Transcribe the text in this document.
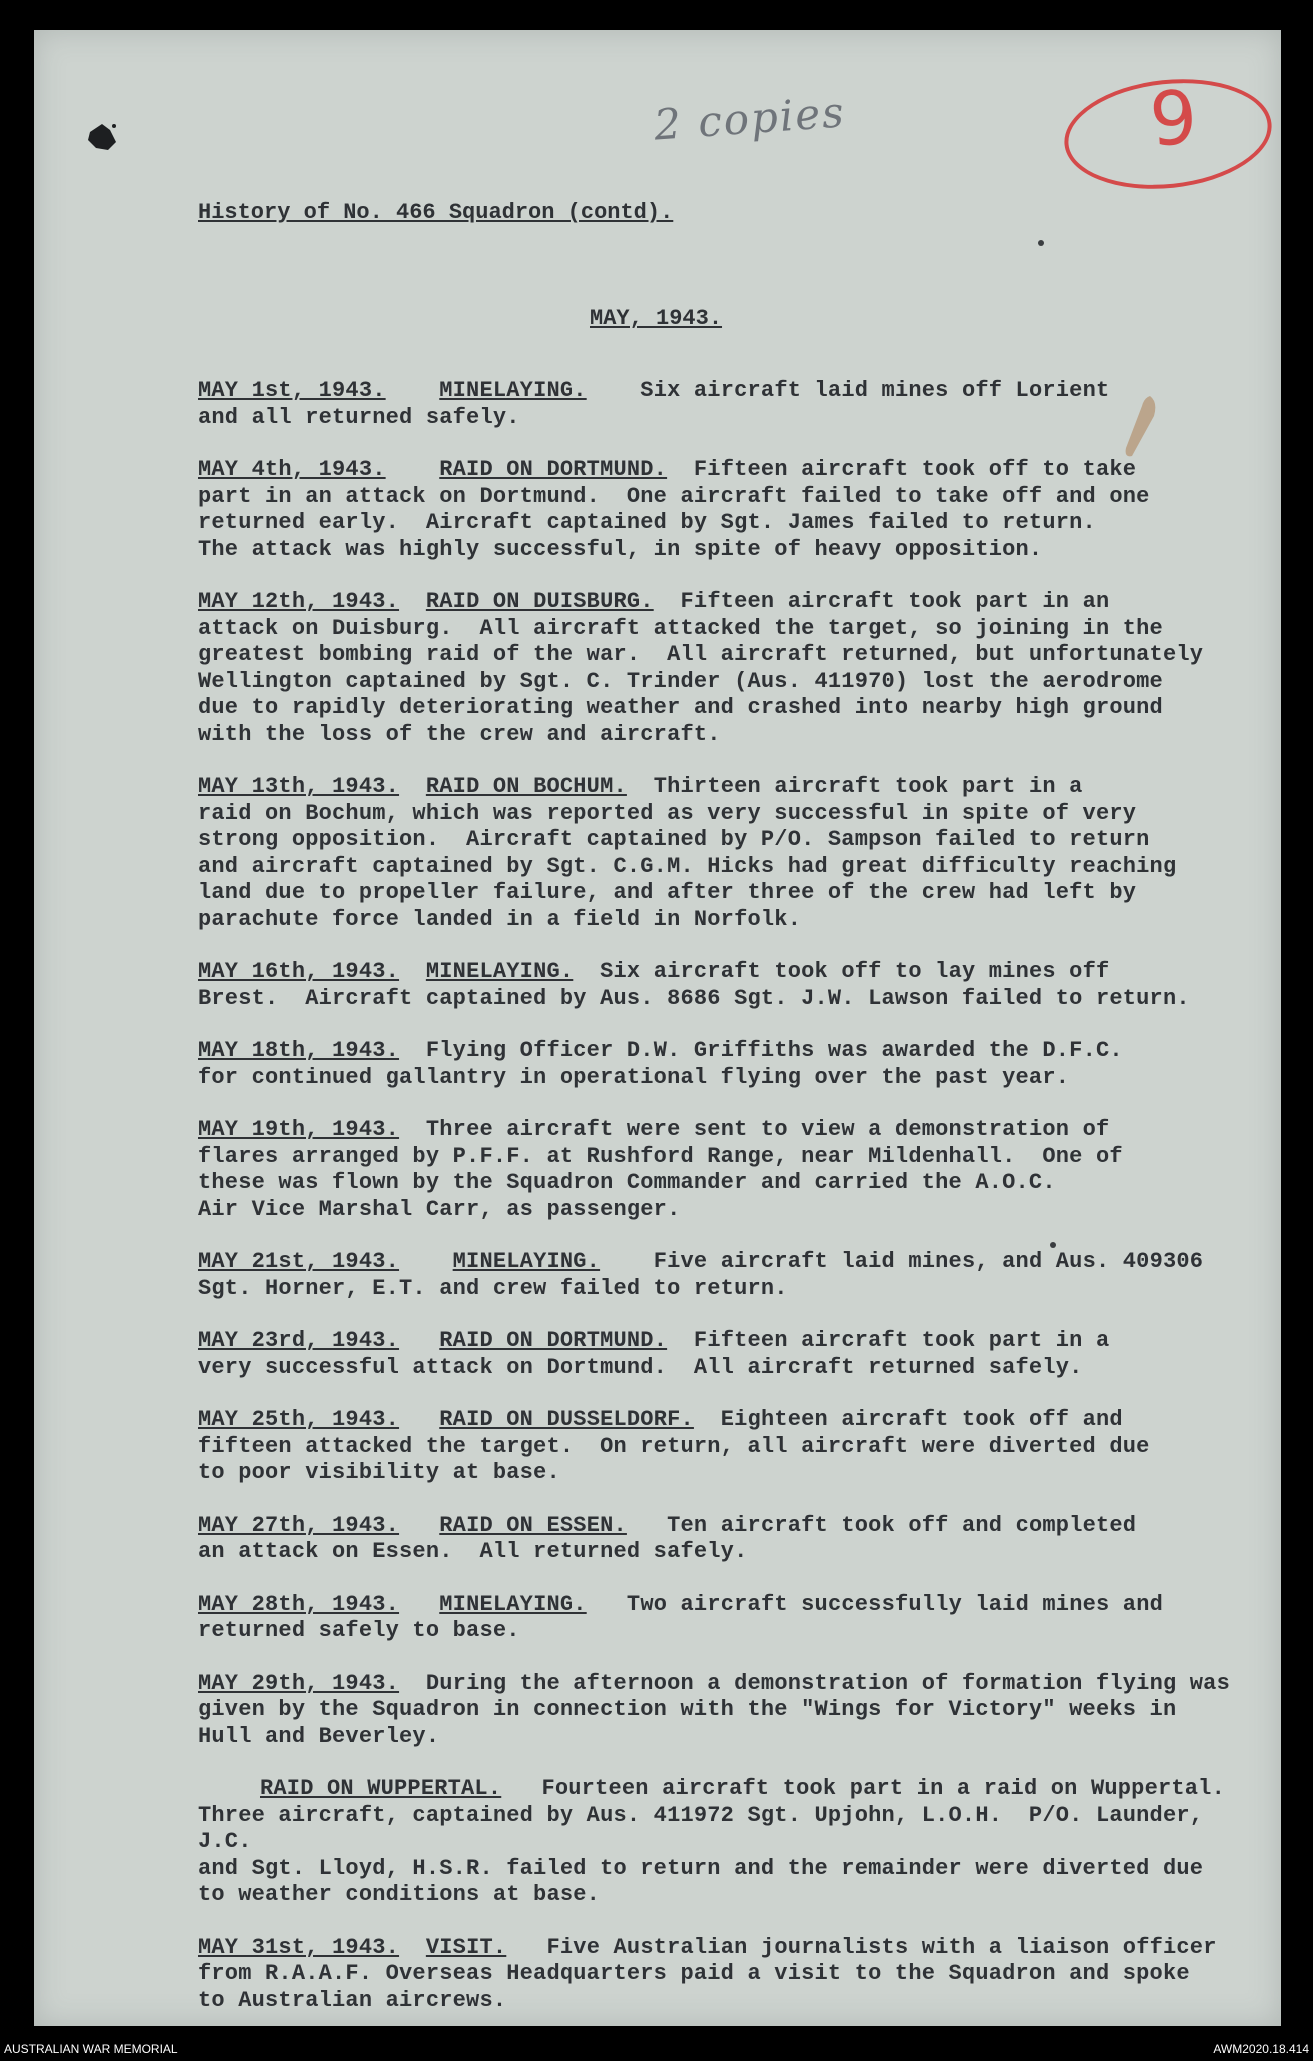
2 copies	9
History of No. 466 Squadron (contd).
MAY, 1943.
MAY 1st, 1943. MINELAYING. Six aircraft laid mines off Lorient
and all returned safely.
MAY 4th, 1943. RAID ON DORTMUND. Fifteen aircraft took off to take
part in an attack on Dortmund.  One aircraft failed to take off and one
returned early.  Aircraft captained by Sgt. James failed to return.
The attack was highly successful, in spite of heavy opposition.
MAY 12th, 1943. RAID ON DUISBURG. Fifteen aircraft took part in an
attack on Duisburg.  All aircraft attacked the target, so joining in the
greatest bombing raid of the war.  All aircraft returned, but unfortunately
Wellington captained by Sgt. C. Trinder (Aus. 411970) lost the aerodrome
due to rapidly deteriorating weather and crashed into nearby high ground
with the loss of the crew and aircraft.
MAY 13th, 1943. RAID ON BOCHUM. Thirteen aircraft took part in a
raid on Bochum, which was reported as very successful in spite of very
strong opposition.  Aircraft captained by P/O. Sampson failed to return
and aircraft captained by Sgt. C.G.M. Hicks had great difficulty reaching
land due to propeller failure, and after three of the crew had left by
parachute force landed in a field in Norfolk.
MAY 16th, 1943. MINELAYING. Six aircraft took off to lay mines off
Brest.  Aircraft captained by Aus. 8686 Sgt. J.W. Lawson failed to return.
MAY 18th, 1943. Flying Officer D.W. Griffiths was awarded the D.F.C.
for continued gallantry in operational flying over the past year.
MAY 19th, 1943. Three aircraft were sent to view a demonstration of
flares arranged by P.F.F. at Rushford Range, near Mildenhall.  One of
these was flown by the Squadron Commander and carried the A.O.C.
Air Vice Marshal Carr, as passenger.
MAY 21st, 1943. MINELAYING. Five aircraft laid mines, and Aus. 409306
Sgt. Horner, E.T. and crew failed to return.
MAY 23rd, 1943. RAID ON DORTMUND. Fifteen aircraft took part in a
very successful attack on Dortmund.  All aircraft returned safely.
MAY 25th, 1943. RAID ON DUSSELDORF. Eighteen aircraft took off and
fifteen attacked the target.  On return, all aircraft were diverted due
to poor visibility at base.
MAY 27th, 1943. RAID ON ESSEN. Ten aircraft took off and completed
an attack on Essen.  All returned safely.
MAY 28th, 1943. MINELAYING. Two aircraft successfully laid mines and
returned safely to base.
MAY 29th, 1943. During the afternoon a demonstration of formation flying was
given by the Squadron in connection with the "Wings for Victory" weeks in
Hull and Beverley.
RAID ON WUPPERTAL. Fourteen aircraft took part in a raid on Wuppertal.
Three aircraft, captained by Aus. 411972 Sgt. Upjohn, L.O.H.  P/O. Launder, J.C.
and Sgt. Lloyd, H.S.R. failed to return and the remainder were diverted due
to weather conditions at base.
MAY 31st, 1943. VISIT. Five Australian journalists with a liaison officer
from R.A.A.F. Overseas Headquarters paid a visit to the Squadron and spoke
to Australian aircrews.
AUSTRALIAN WAR MEMORIAL	AWM2020.18.414
